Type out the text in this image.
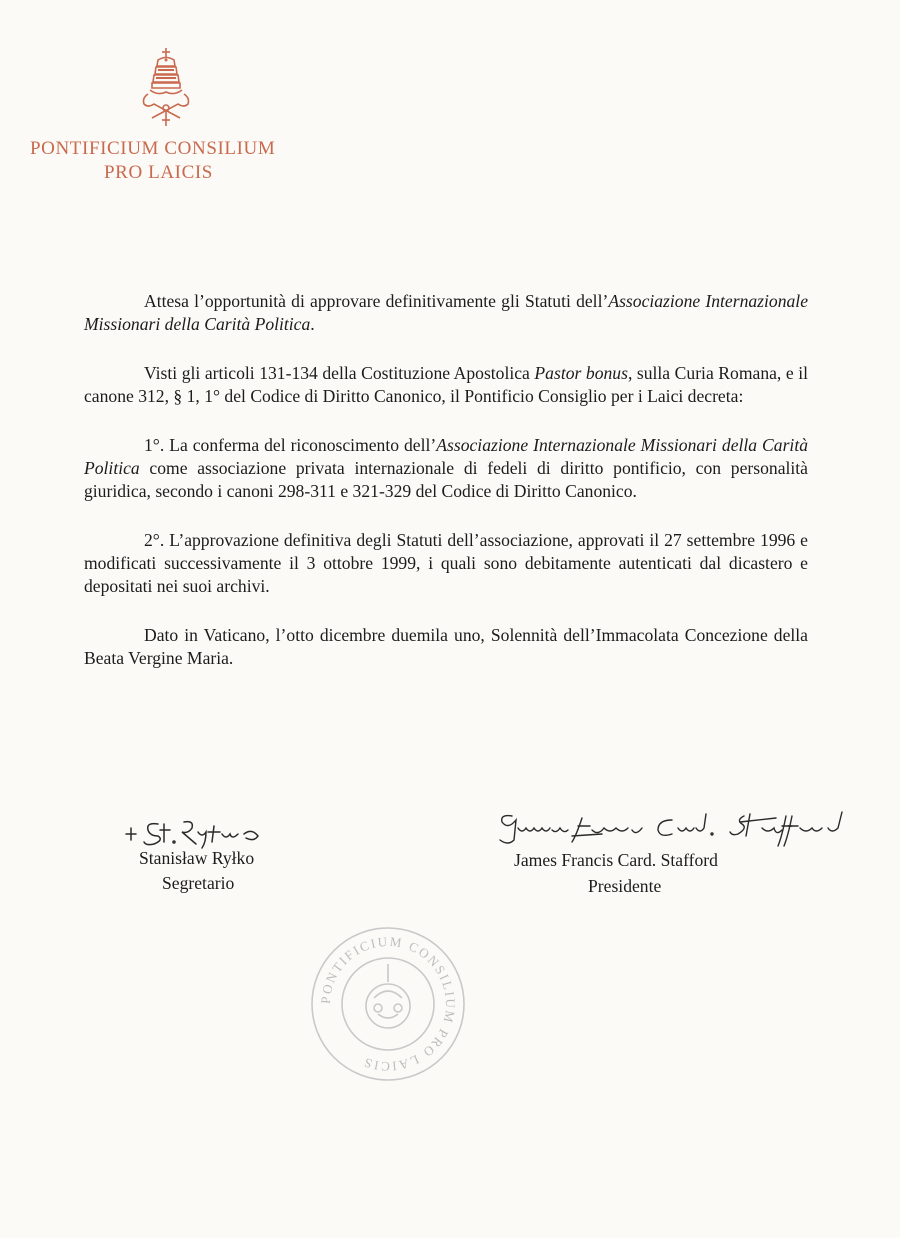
PONTIFICIUM CONSILIUM
PRO LAICIS

Attesa l’opportunità di approvare definitivamente gli Statuti dell’Associazione Internazionale Missionari della Carità Politica.

Visti gli articoli 131-134 della Costituzione Apostolica Pastor bonus, sulla Curia Romana, e il canone 312, § 1, 1° del Codice di Diritto Canonico, il Pontificio Consiglio per i Laici decreta:

1°. La conferma del riconoscimento dell’Associazione Internazionale Missionari della Carità Politica come associazione privata internazionale di fedeli di diritto pontificio, con personalità giuridica, secondo i canoni 298-311 e 321-329 del Codice di Diritto Canonico.

2°. L’approvazione definitiva degli Statuti dell’associazione, approvati il 27 settembre 1996 e modificati successivamente il 3 ottobre 1999, i quali sono debitamente autenticati dal dicastero e depositati nei suoi archivi.

Dato in Vaticano, l’otto dicembre duemila uno, Solennità dell’Immacolata Concezione della Beata Vergine Maria.

Stanisław Ryłko
Segretario
James Francis Card. Stafford
Presidente
PONTIFICIUM CONSILIUM PRO LAICIS
